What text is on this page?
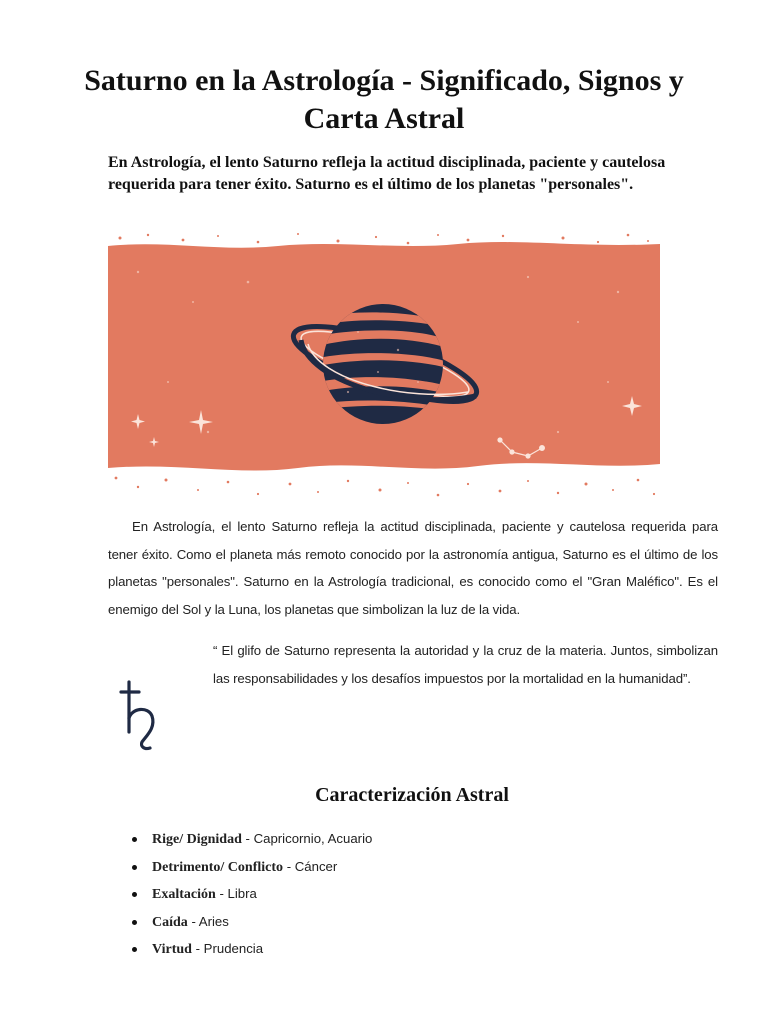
Saturno en la Astrología - Significado, Signos y Carta Astral

En Astrología, el lento Saturno refleja la actitud disciplinada, paciente y cautelosa requerida para tener éxito. Saturno es el último de los planetas "personales".

En Astrología, el lento Saturno refleja la actitud disciplinada, paciente y cautelosa requerida para tener éxito. Como el planeta más remoto conocido por la astronomía antigua, Saturno es el último de los planetas "personales". Saturno en la Astrología tradicional, es conocido como el "Gran Maléfico". Es el enemigo del Sol y la Luna, los planetas que simbolizan la luz de la vida.

“ El glifo de Saturno representa la autoridad y la cruz de la materia. Juntos, simbolizan las responsabilidades y los desafíos impuestos por la mortalidad en la humanidad”.

Caracterización Astral
Rige/ Dignidad - Capricornio, Acuario
Detrimento/ Conflicto - Cáncer
Exaltación - Libra
Caída - Aries
Virtud - Prudencia
